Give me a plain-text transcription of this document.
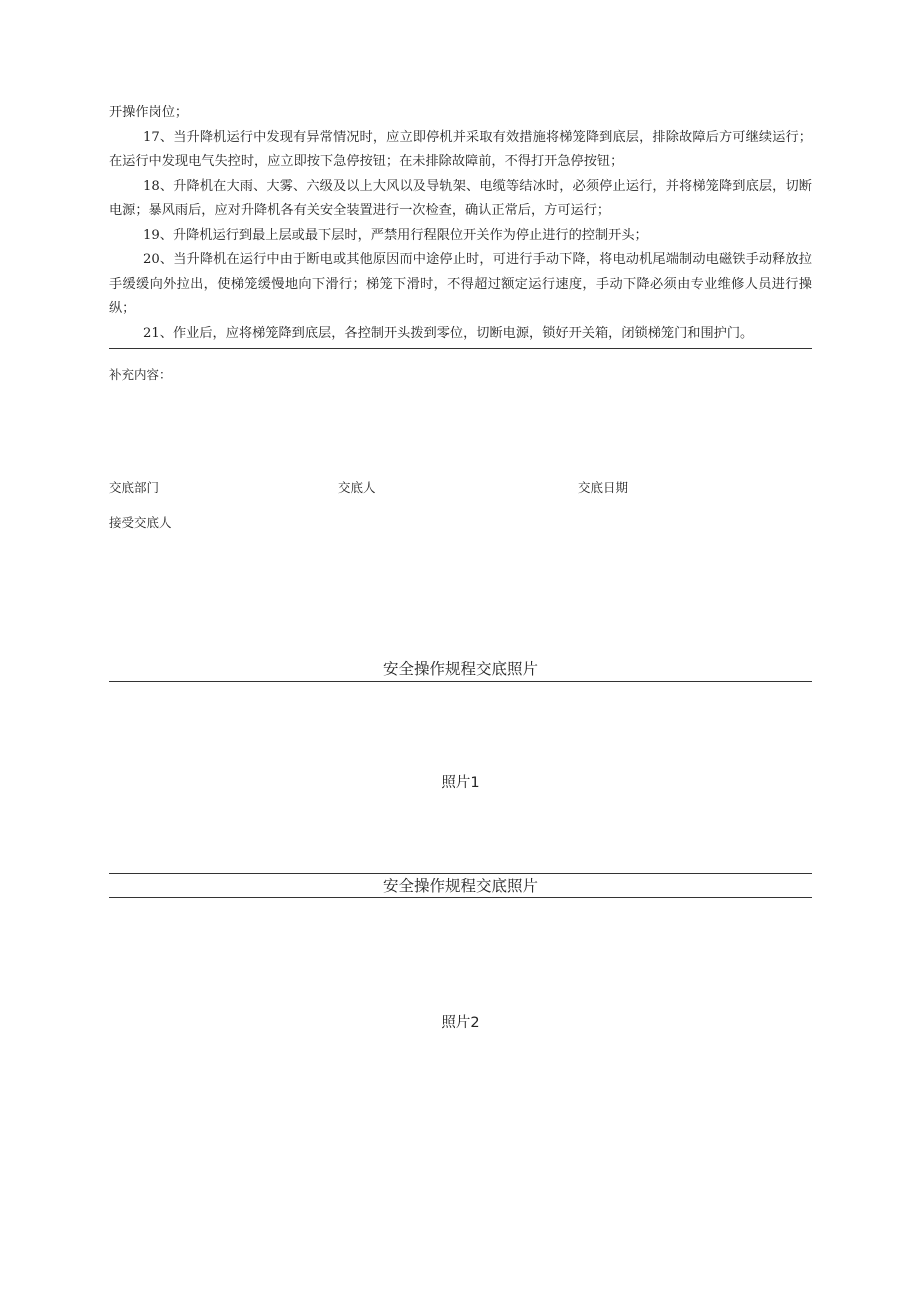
开操作岗位；

17、当升降机运行中发现有异常情况时，应立即停机并采取有效措施将梯笼降到底层，排除故障后方可继续运行；在运行中发现电气失控时，应立即按下急停按钮；在未排除故障前，不得打开急停按钮；

18、升降机在大雨、大雾、六级及以上大风以及导轨架、电缆等结冰时，必须停止运行，并将梯笼降到底层，切断电源；暴风雨后，应对升降机各有关安全装置进行一次检查，确认正常后，方可运行；

19、升降机运行到最上层或最下层时，严禁用行程限位开关作为停止进行的控制开头；

20、当升降机在运行中由于断电或其他原因而中途停止时，可进行手动下降，将电动机尾端制动电磁铁手动释放拉手缓缓向外拉出，使梯笼缓慢地向下滑行；梯笼下滑时，不得超过额定运行速度，手动下降必须由专业维修人员进行操纵；

21、作业后，应将梯笼降到底层，各控制开头拨到零位，切断电源，锁好开关箱，闭锁梯笼门和围护门。

补充内容：
交底部门	交底人	交底日期
接受交底人
安全操作规程交底照片
照片1
安全操作规程交底照片
照片2
